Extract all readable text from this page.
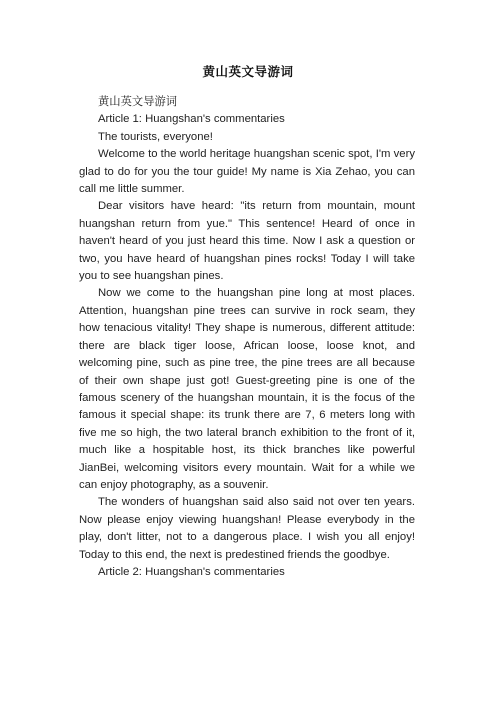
黄山英文导游词

黄山英文导游词

Article 1: Huangshan's commentaries

The tourists, everyone!

Welcome to the world heritage huangshan scenic spot, I'm very glad to do for you the tour guide! My name is Xia Zehao, you can call me little summer.

Dear visitors have heard: "its return from mountain, mount huangshan return from yue." This sentence! Heard of once in haven't heard of you just heard this time. Now I ask a question or two, you have heard of huangshan pines rocks! Today I will take you to see huangshan pines.

Now we come to the huangshan pine long at most places. Attention, huangshan pine trees can survive in rock seam, they how tenacious vitality! They shape is numerous, different attitude: there are black tiger loose, African loose, loose knot, and welcoming pine, such as pine tree, the pine trees are all because of their own shape just got! Guest-greeting pine is one of the famous scenery of the huangshan mountain, it is the focus of the famous it special shape: its trunk there are 7, 6 meters long with five me so high, the two lateral branch exhibition to the front of it, much like a hospitable host, its thick branches like powerful JianBei, welcoming visitors every mountain. Wait for a while we can enjoy photography, as a souvenir.

The wonders of huangshan said also said not over ten years. Now please enjoy viewing huangshan! Please everybody in the play, don't litter, not to a dangerous place. I wish you all enjoy! Today to this end, the next is predestined friends the goodbye.

Article 2: Huangshan's commentaries
